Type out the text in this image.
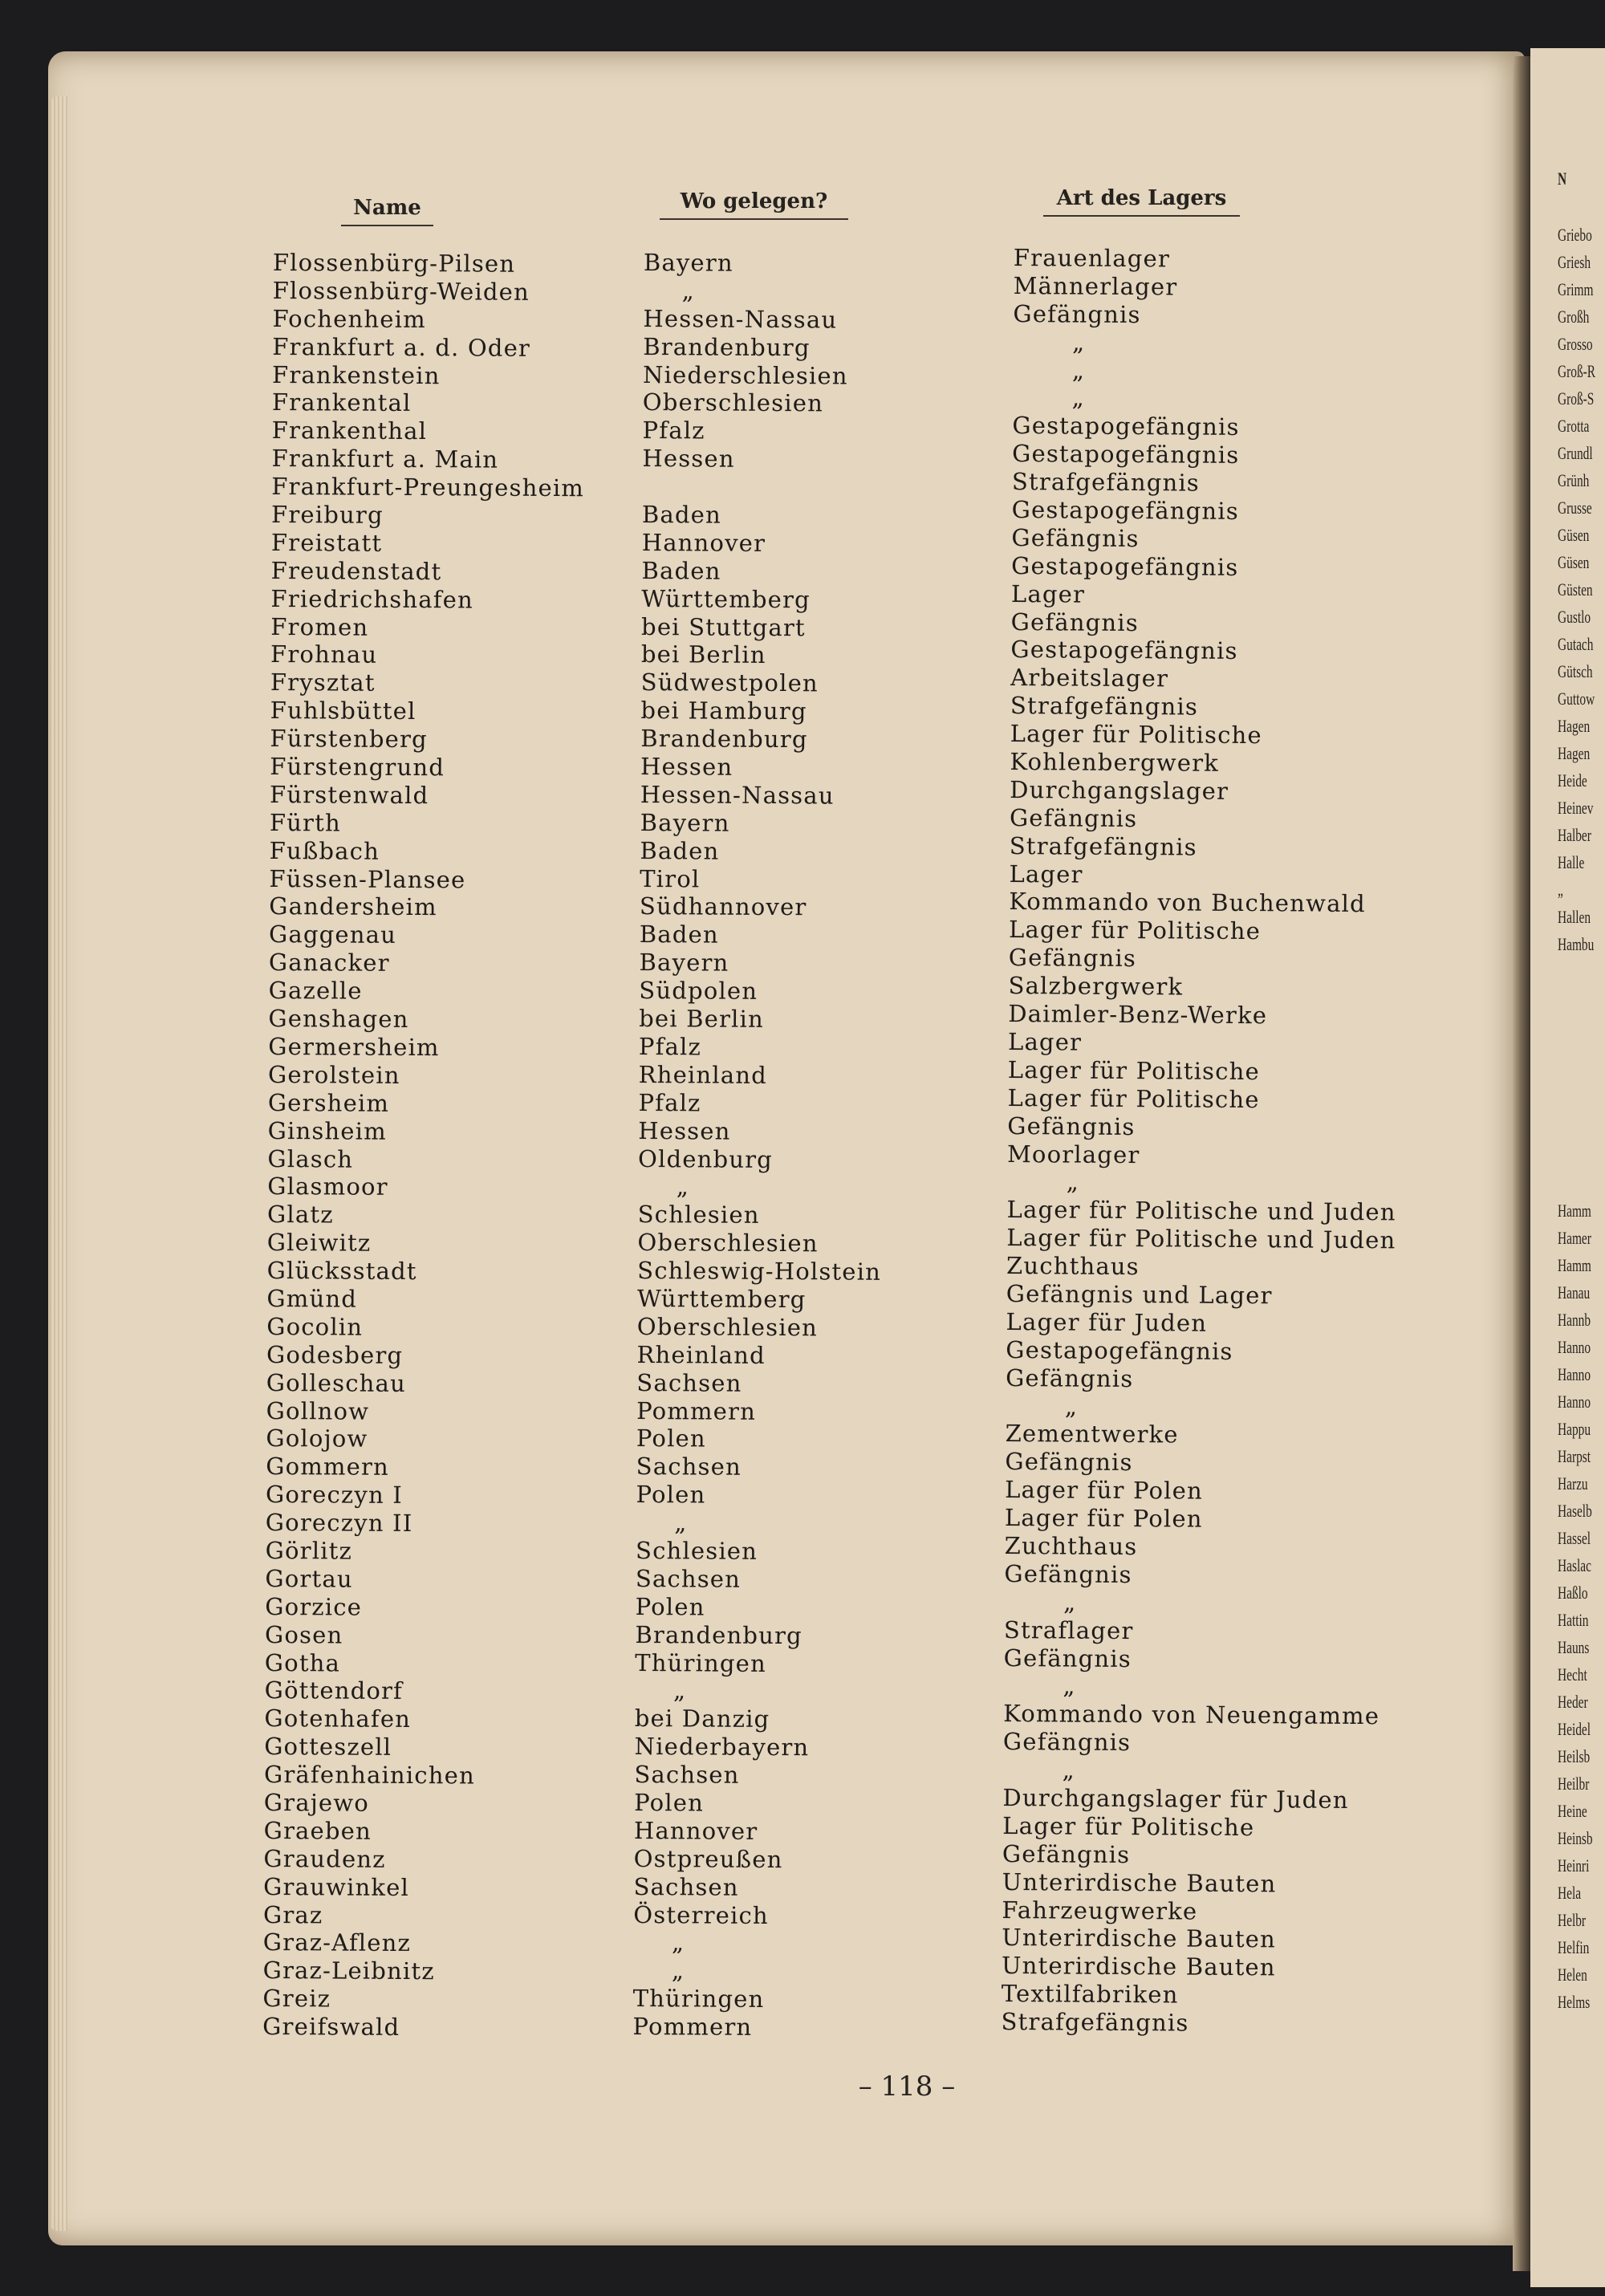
N
Griebo
Griesh
Grimm
Großh
Grosso
Groß-R
Groß-S
Grotta
Grundl
Grünh
Grusse
Güsen
Güsen
Güsten
Gustlo
Gutach
Gütsch
Guttow
Hagen
Hagen
Heide
Heinev
Halber
Halle
„
Hallen
Hambu
Hamm
Hamer
Hamm
Hanau
Hannb
Hanno
Hanno
Hanno
Happu
Harpst
Harzu
Haselb
Hassel
Haslac
Haßlo
Hattin
Hauns
Hecht
Heder
Heidel
Heilsb
Heilbr
Heine
Heinsb
Heinri
Hela
Helbr
Helfin
Helen
Helms
Name	Wo gelegen?	Art des Lagers
Flossenbürg-Pilsen
Flossenbürg-Weiden
Fochenheim
Frankfurt a. d. Oder
Frankenstein
Frankental
Frankenthal
Frankfurt a. Main
Frankfurt-Preungesheim
Freiburg
Freistatt
Freudenstadt
Friedrichshafen
Fromen
Frohnau
Frysztat
Fuhlsbüttel
Fürstenberg
Fürstengrund
Fürstenwald
Fürth
Fußbach
Füssen-Plansee
Gandersheim
Gaggenau
Ganacker
Gazelle
Genshagen
Germersheim
Gerolstein
Gersheim
Ginsheim
Glasch
Glasmoor
Glatz
Gleiwitz
Glücksstadt
Gmünd
Gocolin
Godesberg
Golleschau
Gollnow
Golojow
Gommern
Goreczyn I
Goreczyn II
Görlitz
Gortau
Gorzice
Gosen
Gotha
Göttendorf
Gotenhafen
Gotteszell
Gräfenhainichen
Grajewo
Graeben
Graudenz
Grauwinkel
Graz
Graz-Aflenz
Graz-Leibnitz
Greiz
Greifswald
Bayern
„
Hessen-Nassau
Brandenburg
Niederschlesien
Oberschlesien
Pfalz
Hessen
Baden
Hannover
Baden
Württemberg
bei Stuttgart
bei Berlin
Südwestpolen
bei Hamburg
Brandenburg
Hessen
Hessen-Nassau
Bayern
Baden
Tirol
Südhannover
Baden
Bayern
Südpolen
bei Berlin
Pfalz
Rheinland
Pfalz
Hessen
Oldenburg
„
Schlesien
Oberschlesien
Schleswig-Holstein
Württemberg
Oberschlesien
Rheinland
Sachsen
Pommern
Polen
Sachsen
Polen
„
Schlesien
Sachsen
Polen
Brandenburg
Thüringen
„
bei Danzig
Niederbayern
Sachsen
Polen
Hannover
Ostpreußen
Sachsen
Österreich
„
„
Thüringen
Pommern
Frauenlager
Männerlager
Gefängnis
„
„
„
Gestapogefängnis
Gestapogefängnis
Strafgefängnis
Gestapogefängnis
Gefängnis
Gestapogefängnis
Lager
Gefängnis
Gestapogefängnis
Arbeitslager
Strafgefängnis
Lager für Politische
Kohlenbergwerk
Durchgangslager
Gefängnis
Strafgefängnis
Lager
Kommando von Buchenwald
Lager für Politische
Gefängnis
Salzbergwerk
Daimler-Benz-Werke
Lager
Lager für Politische
Lager für Politische
Gefängnis
Moorlager
„
Lager für Politische und Juden
Lager für Politische und Juden
Zuchthaus
Gefängnis und Lager
Lager für Juden
Gestapogefängnis
Gefängnis
„
Zementwerke
Gefängnis
Lager für Polen
Lager für Polen
Zuchthaus
Gefängnis
„
Straflager
Gefängnis
„
Kommando von Neuengamme
Gefängnis
„
Durchgangslager für Juden
Lager für Politische
Gefängnis
Unterirdische Bauten
Fahrzeugwerke
Unterirdische Bauten
Unterirdische Bauten
Textilfabriken
Strafgefängnis
– 118 –
